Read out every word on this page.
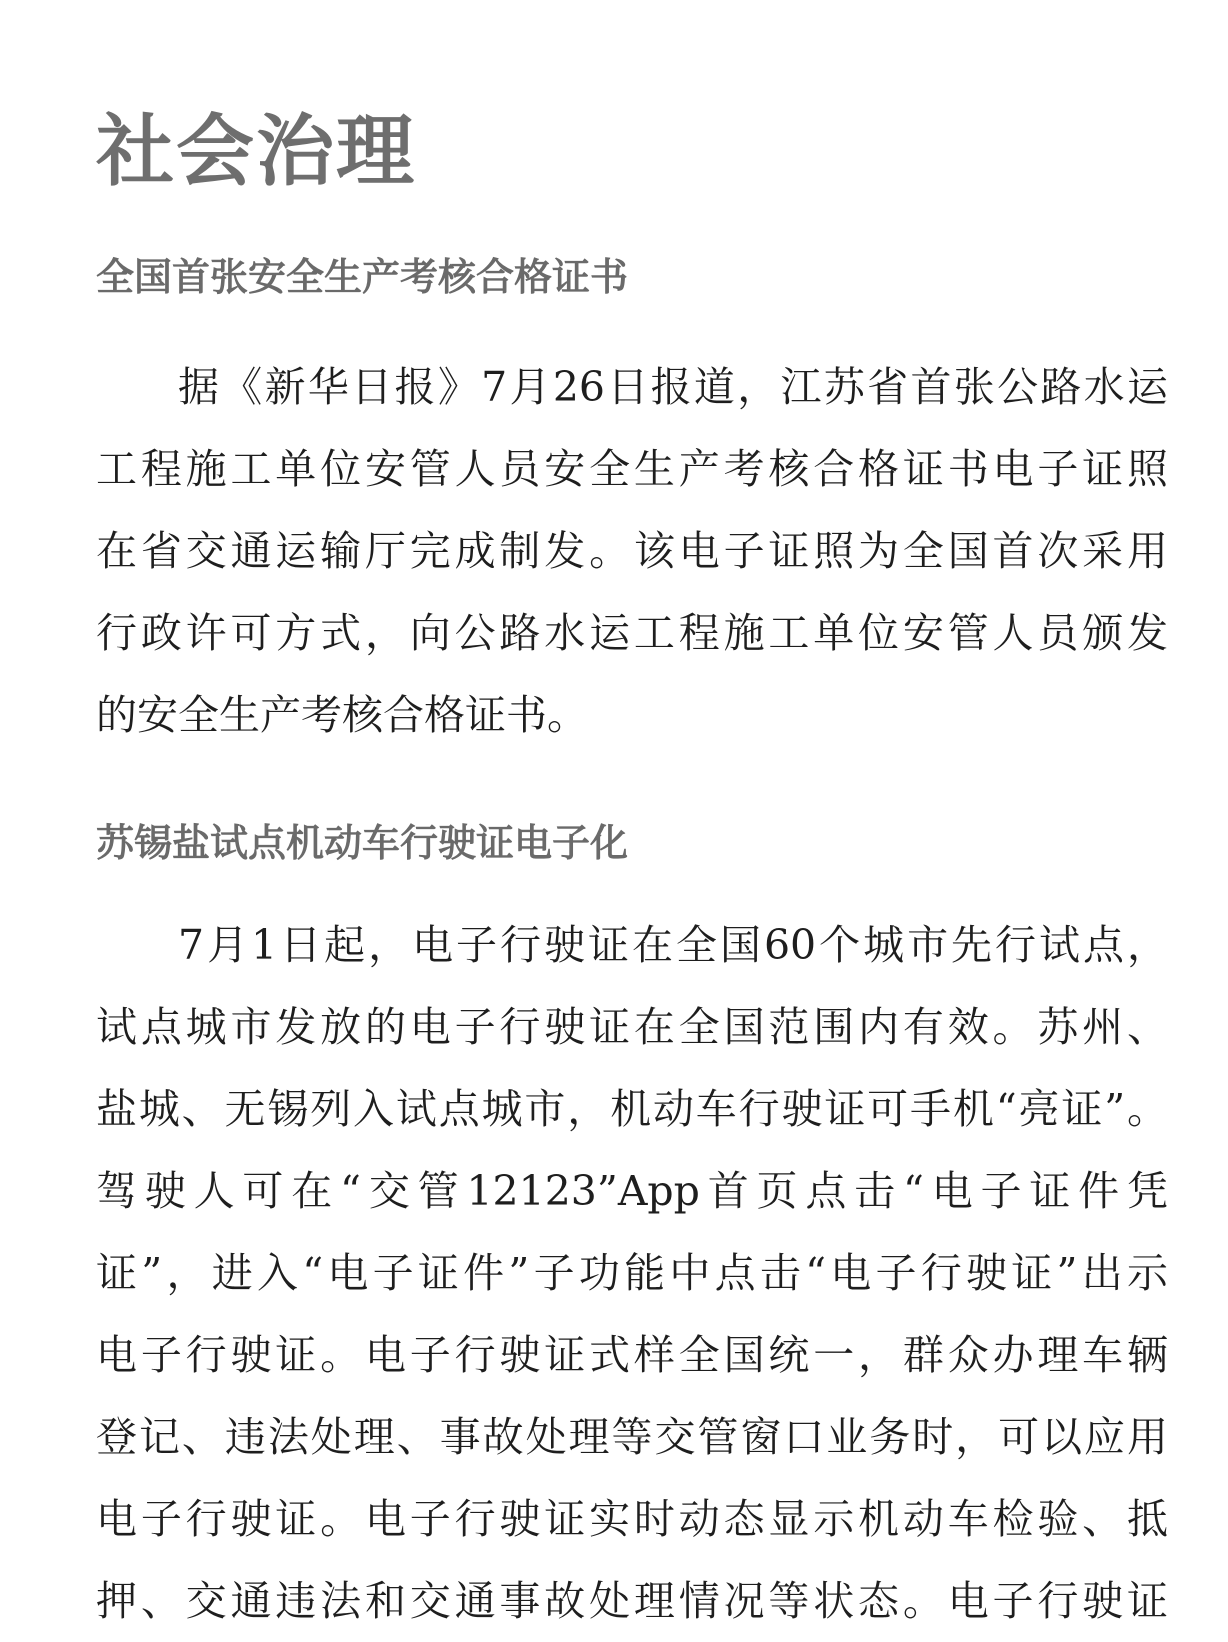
社会治理
全国首张安全生产考核合格证书
据《新华日报》7月26日报道，江苏省首张公路水运
工程施工单位安管人员安全生产考核合格证书电子证照
在省交通运输厅完成制发。该电子证照为全国首次采用
行政许可方式，向公路水运工程施工单位安管人员颁发
的安全生产考核合格证书。
苏锡盐试点机动车行驶证电子化
7月1日起，电子行驶证在全国60个城市先行试点，
试点城市发放的电子行驶证在全国范围内有效。苏州、
盐城、无锡列入试点城市，机动车行驶证可手机“亮证”。
驾驶人可在“交管12123”App首页点击“电子证件凭
证”，进入“电子证件”子功能中点击“电子行驶证”出示
电子行驶证。电子行驶证式样全国统一，群众办理车辆
登记、违法处理、事故处理等交管窗口业务时，可以应用
电子行驶证。电子行驶证实时动态显示机动车检验、抵
押、交通违法和交通事故处理情况等状态。电子行驶证
